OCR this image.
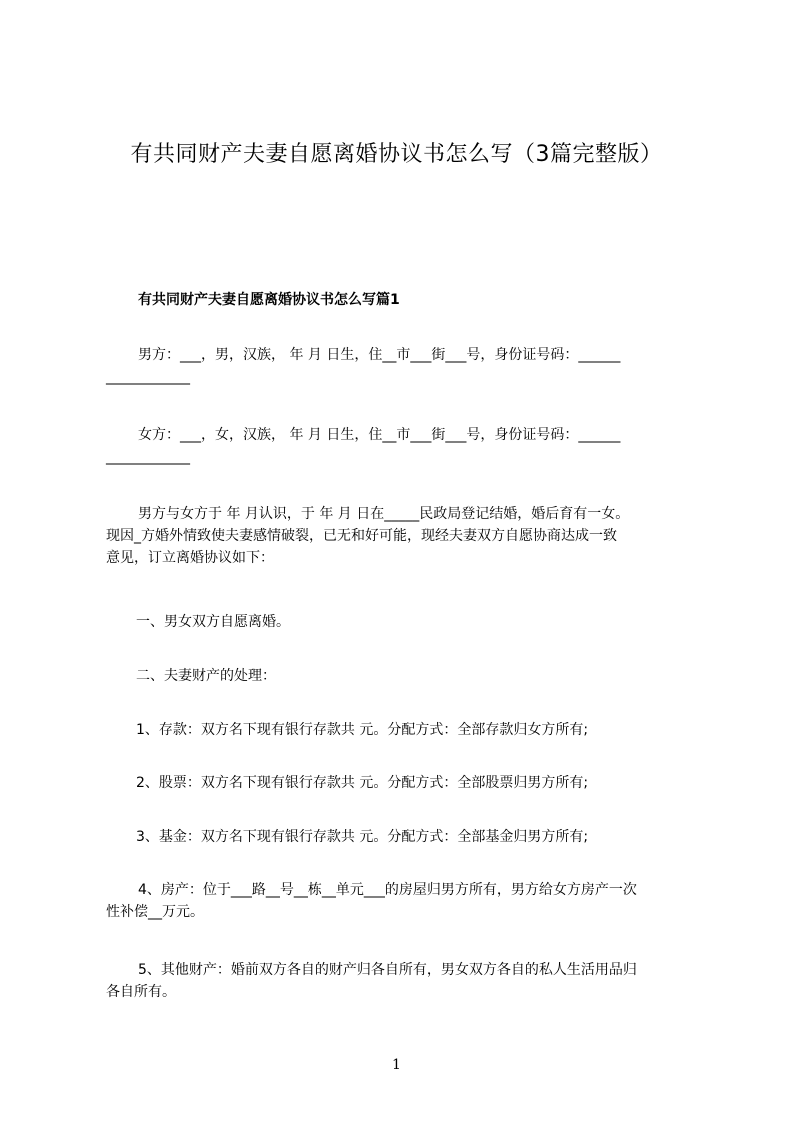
有共同财产夫妻自愿离婚协议书怎么写（3篇完整版）
有共同财产夫妻自愿离婚协议书怎么写篇1
男方：___，男，汉族， 年 月 日生，住__市___街___号，身份证号码：______
____________
女方：___，女，汉族， 年 月 日生，住__市___街___号，身份证号码：______
____________
男方与女方于 年 月认识，于 年 月 日在_____民政局登记结婚，婚后育有一女。
现因_方婚外情致使夫妻感情破裂，已无和好可能，现经夫妻双方自愿协商达成一致
意见，订立离婚协议如下：
一、男女双方自愿离婚。
二、夫妻财产的处理：
1、存款：双方名下现有银行存款共 元。分配方式：全部存款归女方所有;
2、股票：双方名下现有银行存款共 元。分配方式：全部股票归男方所有;
3、基金：双方名下现有银行存款共 元。分配方式：全部基金归男方所有;
4、房产：位于___路__号__栋__单元___的房屋归男方所有，男方给女方房产一次
性补偿__万元。
5、其他财产：婚前双方各自的财产归各自所有，男女双方各自的私人生活用品归
各自所有。
1
